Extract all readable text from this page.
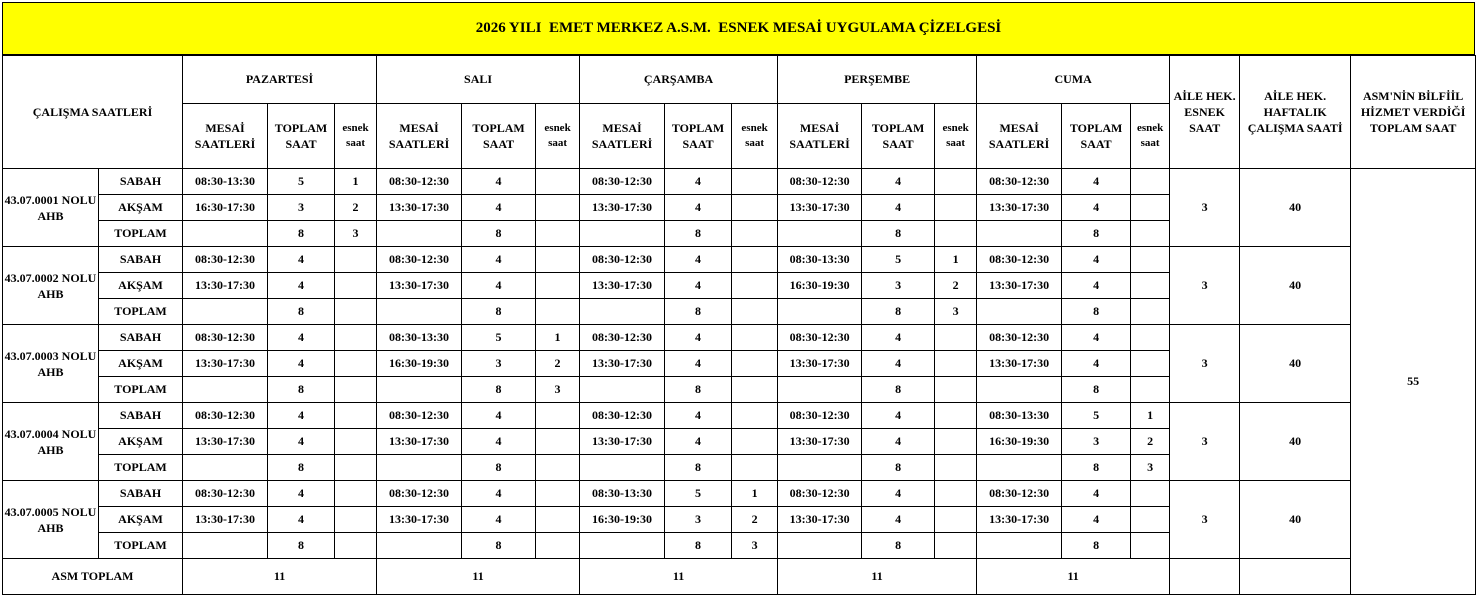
2026 YILI  EMET MERKEZ A.S.M.  ESNEK MESAİ UYGULAMA ÇİZELGESİ
ÇALIŞMA SAATLERİ		PAZARTESİ			SALI			ÇARŞAMBA			PERŞEMBE			CUMA			AİLE HEK. ESNEK SAAT	AİLE HEK. HAFTALIK ÇALIŞMA SAATİ	ASM'NİN BİLFİİL HİZMET VERDİĞİ TOPLAM SAAT
		MESAİ SAATLERİ	TOPLAM SAAT	esnek saat	MESAİ SAATLERİ	TOPLAM SAAT	esnek saat	MESAİ SAATLERİ	TOPLAM SAAT	esnek saat	MESAİ SAATLERİ	TOPLAM SAAT	esnek saat	MESAİ SAATLERİ	TOPLAM SAAT	esnek saat			
43.07.0001 NOLU AHB	SABAH	08:30-13:30	5	1	08:30-12:30	4		08:30-12:30	4		08:30-12:30	4		08:30-12:30	4		3	40	55
	AKŞAM	16:30-17:30	3	2	13:30-17:30	4		13:30-17:30	4		13:30-17:30	4		13:30-17:30	4				
	TOPLAM		8	3		8			8			8			8				
43.07.0002 NOLU AHB	SABAH	08:30-12:30	4		08:30-12:30	4		08:30-12:30	4		08:30-13:30	5	1	08:30-12:30	4		3	40	
	AKŞAM	13:30-17:30	4		13:30-17:30	4		13:30-17:30	4		16:30-19:30	3	2	13:30-17:30	4				
	TOPLAM		8			8			8			8	3		8				
43.07.0003 NOLU AHB	SABAH	08:30-12:30	4		08:30-13:30	5	1	08:30-12:30	4		08:30-12:30	4		08:30-12:30	4		3	40	
	AKŞAM	13:30-17:30	4		16:30-19:30	3	2	13:30-17:30	4		13:30-17:30	4		13:30-17:30	4				
	TOPLAM		8			8	3		8			8			8				
43.07.0004 NOLU AHB	SABAH	08:30-12:30	4		08:30-12:30	4		08:30-12:30	4		08:30-12:30	4		08:30-13:30	5	1	3	40	
	AKŞAM	13:30-17:30	4		13:30-17:30	4		13:30-17:30	4		13:30-17:30	4		16:30-19:30	3	2			
	TOPLAM		8			8			8			8			8	3			
43.07.0005 NOLU AHB	SABAH	08:30-12:30	4		08:30-12:30	4		08:30-13:30	5	1	08:30-12:30	4		08:30-12:30	4		3	40	
	AKŞAM	13:30-17:30	4		13:30-17:30	4		16:30-19:30	3	2	13:30-17:30	4		13:30-17:30	4				
	TOPLAM		8			8			8	3		8			8				
ASM TOPLAM		11			11			11			11			11					
